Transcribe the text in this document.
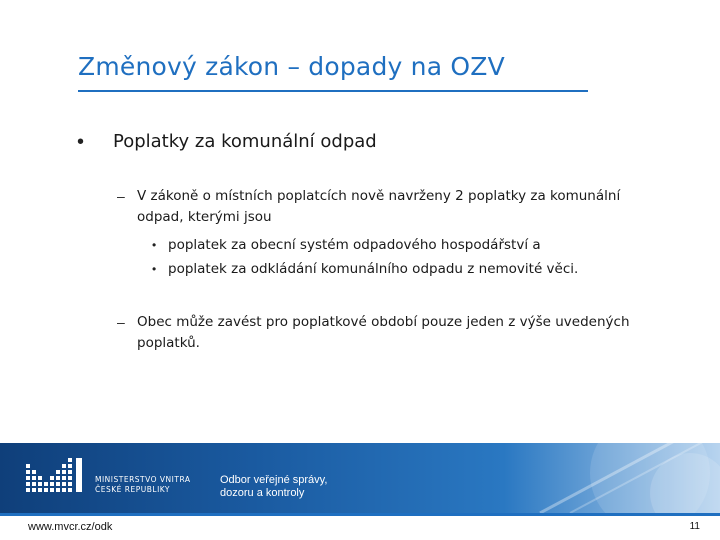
Změnový zákon – dopady na OZV
• Poplatky za komunální odpad
– V zákoně o místních poplatcích nově navrženy 2 poplatky za komunální
odpad, kterými jsou
• poplatek za obecní systém odpadového hospodářství a
• poplatek za odkládání komunálního odpadu z nemovité věci.
– Obec může zavést pro poplatkové období pouze jeden z výše uvedených
poplatků.
MINISTERSTVO VNITRA
ČESKÉ REPUBLIKY
Odbor veřejné správy,
dozoru a kontroly
www.mvcr.cz/odk	11
